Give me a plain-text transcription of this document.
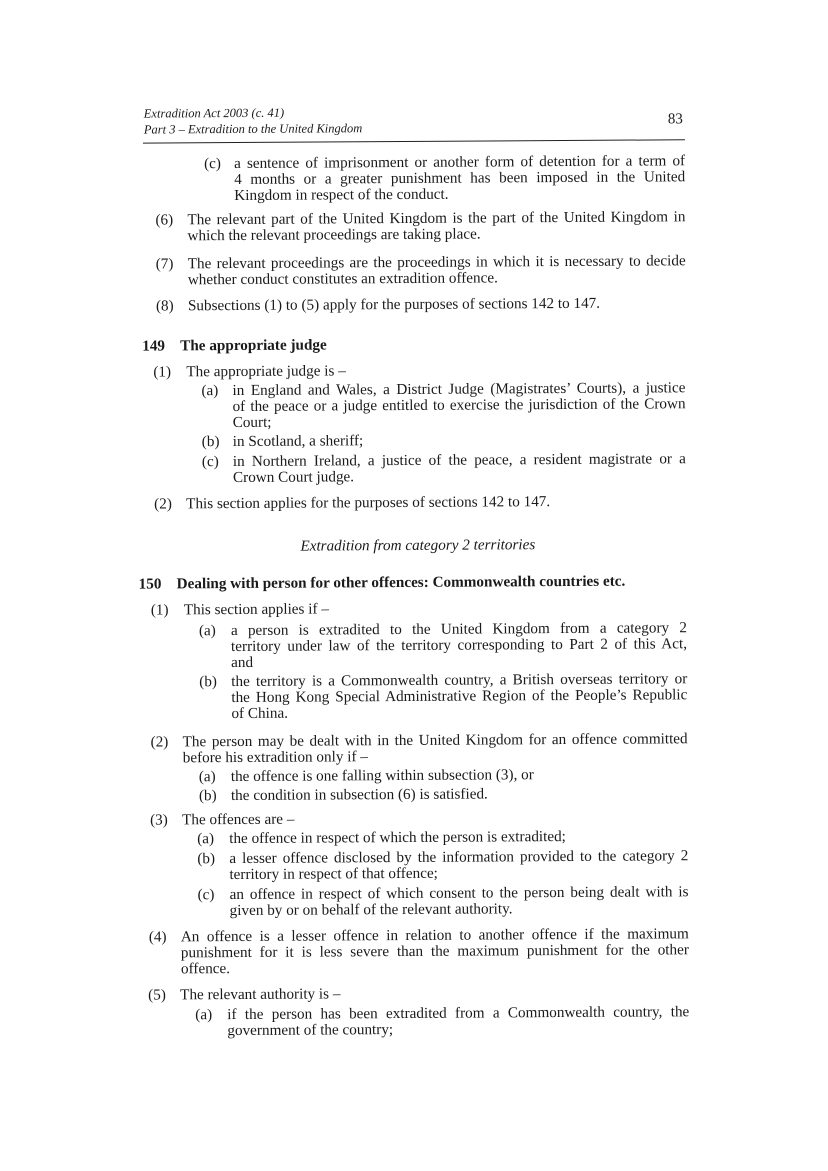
Extradition Act 2003 (c. 41)
Part 3 – Extradition to the United Kingdom
83
(c) a sentence of imprisonment or another form of detention for a term of
4 months or a greater punishment has been imposed in the United
Kingdom in respect of the conduct.
(6) The relevant part of the United Kingdom is the part of the United Kingdom in
which the relevant proceedings are taking place.
(7) The relevant proceedings are the proceedings in which it is necessary to decide
whether conduct constitutes an extradition offence.
(8) Subsections (1) to (5) apply for the purposes of sections 142 to 147.
149 The appropriate judge
(1) The appropriate judge is –
(a) in England and Wales, a District Judge (Magistrates’ Courts), a justice
of the peace or a judge entitled to exercise the jurisdiction of the Crown
Court;
(b) in Scotland, a sheriff;
(c) in Northern Ireland, a justice of the peace, a resident magistrate or a
Crown Court judge.
(2) This section applies for the purposes of sections 142 to 147.
Extradition from category 2 territories
150 Dealing with person for other offences: Commonwealth countries etc.
(1) This section applies if –
(a) a person is extradited to the United Kingdom from a category 2
territory under law of the territory corresponding to Part 2 of this Act,
and
(b) the territory is a Commonwealth country, a British overseas territory or
the Hong Kong Special Administrative Region of the People’s Republic
of China.
(2) The person may be dealt with in the United Kingdom for an offence committed
before his extradition only if –
(a) the offence is one falling within subsection (3), or
(b) the condition in subsection (6) is satisfied.
(3) The offences are –
(a) the offence in respect of which the person is extradited;
(b) a lesser offence disclosed by the information provided to the category 2
territory in respect of that offence;
(c) an offence in respect of which consent to the person being dealt with is
given by or on behalf of the relevant authority.
(4) An offence is a lesser offence in relation to another offence if the maximum
punishment for it is less severe than the maximum punishment for the other
offence.
(5) The relevant authority is –
(a) if the person has been extradited from a Commonwealth country, the
government of the country;
